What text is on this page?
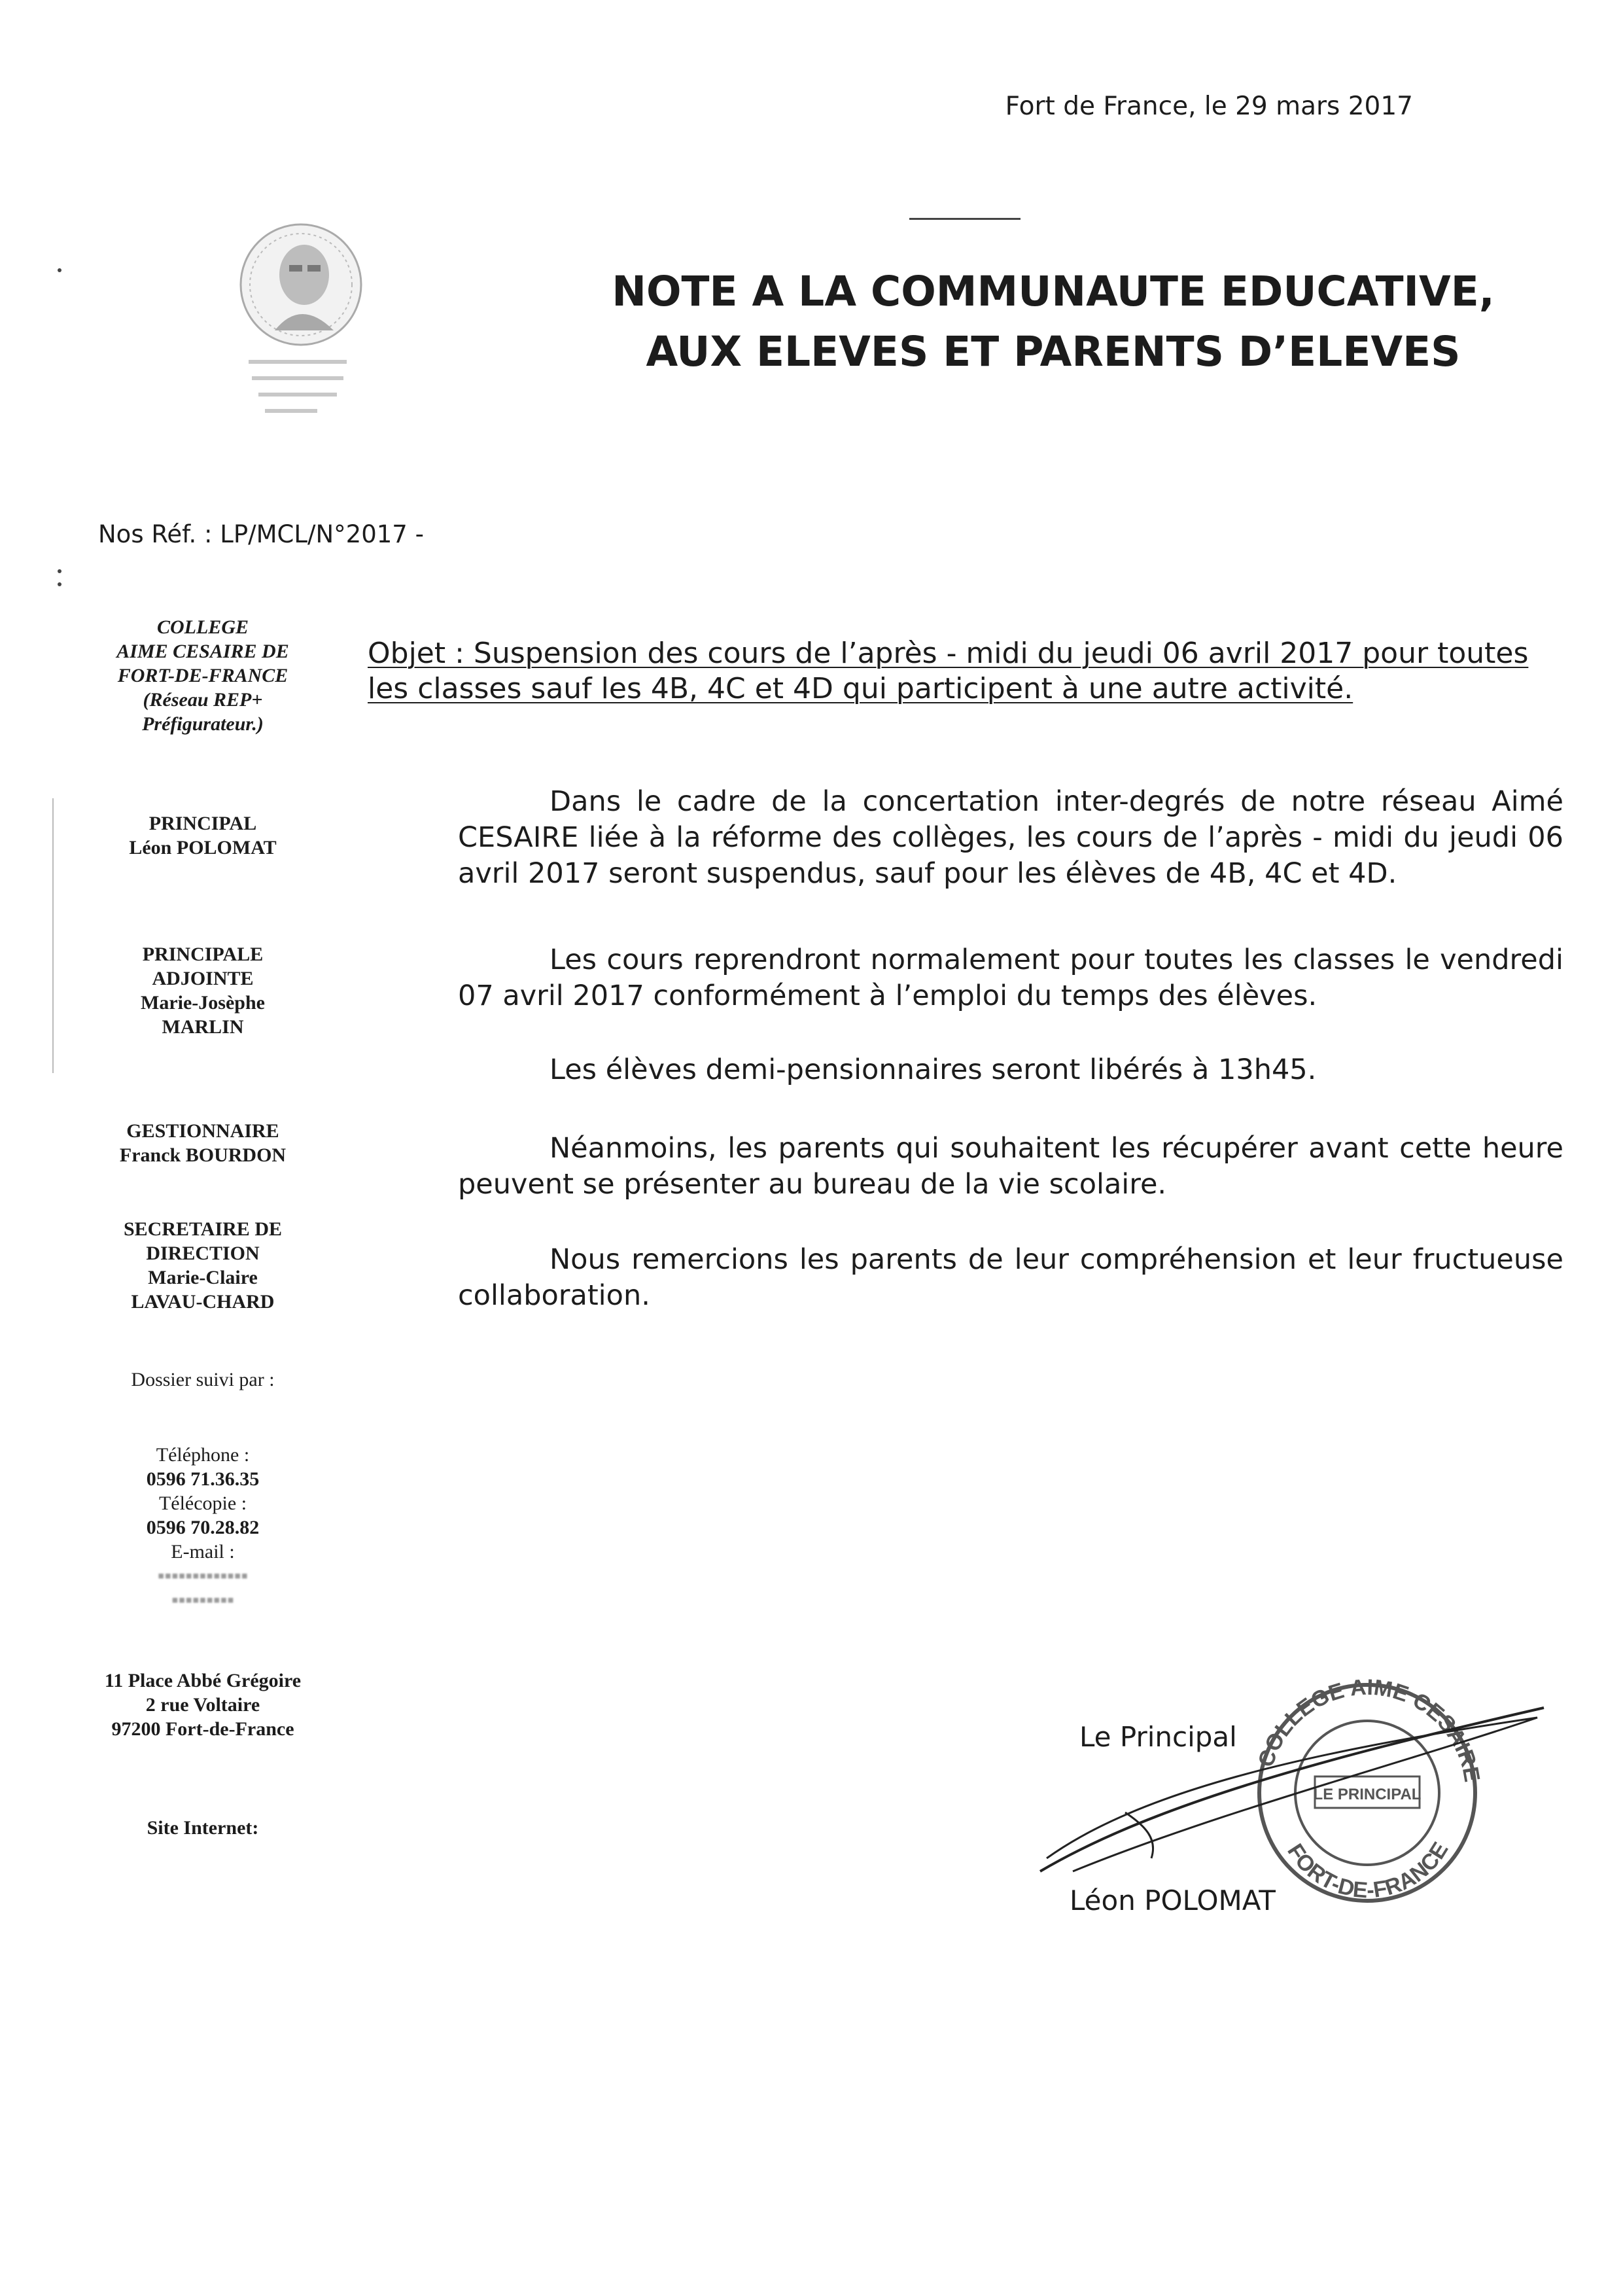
Fort de France, le 29 mars 2017
NOTE A LA COMMUNAUTE EDUCATIVE,
AUX ELEVES ET PARENTS D’ELEVES
Nos Réf. : LP/MCL/N°2017 -
COLLEGE
AIME CESAIRE DE
FORT-DE-FRANCE
(Réseau REP+
Préfigurateur.)
PRINCIPAL
Léon POLOMAT
PRINCIPALE
ADJOINTE
Marie-Josèphe
MARLIN
GESTIONNAIRE
Franck BOURDON
SECRETAIRE DE
DIRECTION
Marie-Claire
LAVAU-CHARD
Dossier suivi par :
Téléphone :
0596 71.36.35
Télécopie :
0596 70.28.82
E-mail :
▪▪▪▪▪▪▪▪▪▪▪▪▪
▪▪▪▪▪▪▪▪▪
11 Place Abbé Grégoire
2 rue Voltaire
97200 Fort-de-France
Site Internet:
Objet : Suspension des cours de l’après - midi du jeudi 06 avril 2017 pour toutes
les classes sauf les 4B, 4C et 4D qui participent à une autre activité.
Dans le cadre de la concertation inter-degrés de notre réseau Aimé CESAIRE liée à la réforme des collèges, les cours de l’après - midi du jeudi 06 avril 2017 seront suspendus, sauf pour les élèves de 4B, 4C et 4D.
Les cours reprendront normalement pour toutes les classes le vendredi 07 avril 2017 conformément à l’emploi du temps des élèves.
Les élèves demi-pensionnaires seront libérés à 13h45.
Néanmoins, les parents qui souhaitent les récupérer avant cette heure peuvent se présenter au bureau de la vie scolaire.
Nous remercions les parents de leur compréhension et leur fructueuse collaboration.
COLLEGE AIME CESAIRE
FORT-DE-FRANCE
LE PRINCIPAL
Le Principal
Léon POLOMAT
